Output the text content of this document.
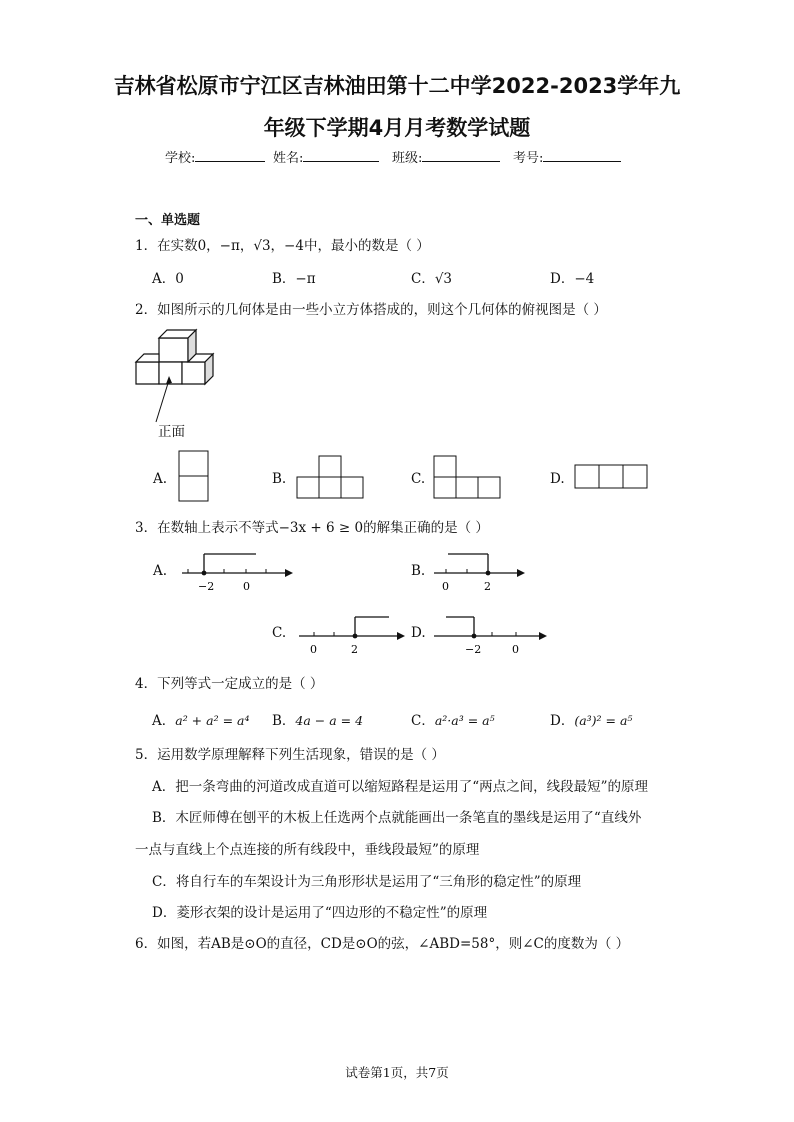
吉林省松原市宁江区吉林油田第十二中学2022-2023学年九
年级下学期4月月考数学试题
学校:	姓名:	班级:	考号:
一、单选题
1．在实数0，−π，√3，−4中，最小的数是（ ）
A．0	B．−π	C．√3	D．−4
2．如图所示的几何体是由一些小立方体搭成的，则这个几何体的俯视图是（ ）
正面
A.	B.	C.	D.
3．在数轴上表示不等式−3x + 6 ≥ 0的解集正确的是（ ）
A.
−2	0
B.
0	2
C.
0	2
D.
−2	0
4．下列等式一定成立的是（ ）
A．a² + a² = a⁴ B．4a − a = 4	C．a²·a³ = a⁵	D．(a³)² = a⁵
5．运用数学原理解释下列生活现象，错误的是（ ）
A．把一条弯曲的河道改成直道可以缩短路程是运用了“两点之间，线段最短”的原理
B．木匠师傅在刨平的木板上任选两个点就能画出一条笔直的墨线是运用了“直线外
一点与直线上个点连接的所有线段中，垂线段最短”的原理
C．将自行车的车架设计为三角形形状是运用了“三角形的稳定性”的原理
D．菱形衣架的设计是运用了“四边形的不稳定性”的原理
6．如图，若AB是⊙O的直径，CD是⊙O的弦，∠ABD=58°，则∠C的度数为（ ）
试卷第1页，共7页
